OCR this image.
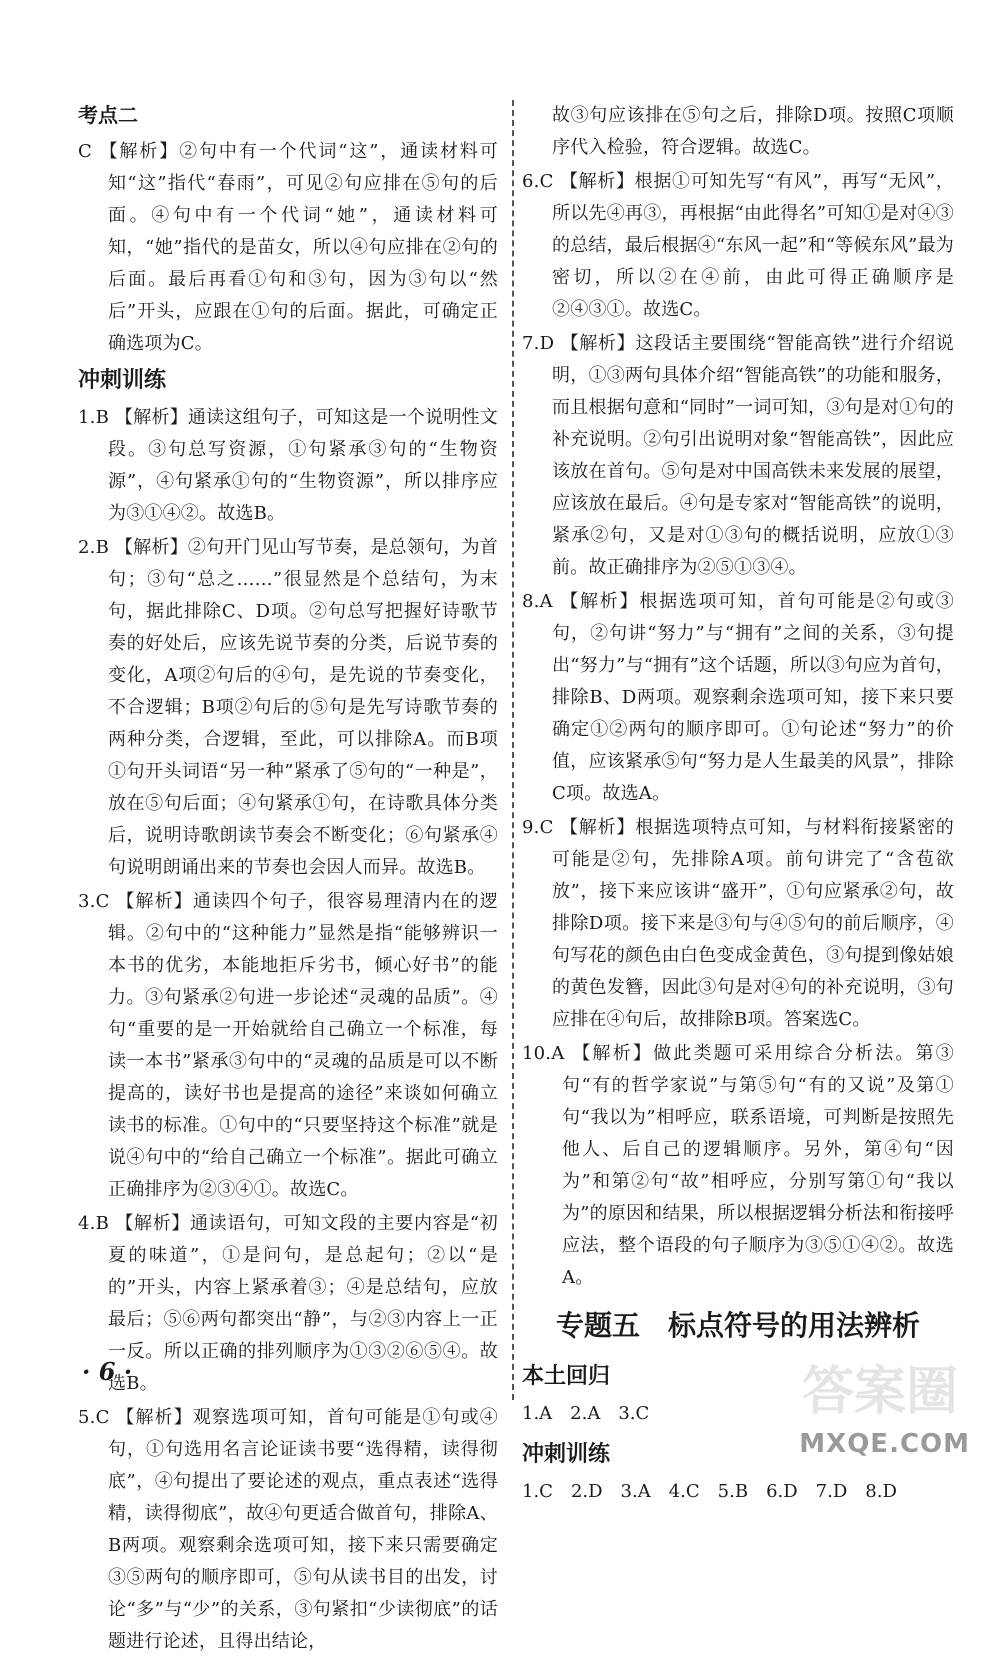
考点二

C 【解析】②句中有一个代词“这”，通读材料可知“这”指代“春雨”，可见②句应排在⑤句的后面。④句中有一个代词“她”，通读材料可知，“她”指代的是苗女，所以④句应排在②句的后面。最后再看①句和③句，因为③句以“然后”开头，应跟在①句的后面。据此，可确定正确选项为C。

冲刺训练

1.B 【解析】通读这组句子，可知这是一个说明性文段。③句总写资源，①句紧承③句的“生物资源”，④句紧承①句的“生物资源”，所以排序应为③①④②。故选B。

2.B 【解析】②句开门见山写节奏，是总领句，为首句；③句“总之……”很显然是个总结句，为末句，据此排除C、D项。②句总写把握好诗歌节奏的好处后，应该先说节奏的分类，后说节奏的变化，A项②句后的④句，是先说的节奏变化，不合逻辑；B项②句后的⑤句是先写诗歌节奏的两种分类，合逻辑，至此，可以排除A。而B项①句开头词语“另一种”紧承了⑤句的“一种是”，放在⑤句后面；④句紧承①句，在诗歌具体分类后，说明诗歌朗读节奏会不断变化；⑥句紧承④句说明朗诵出来的节奏也会因人而异。故选B。

3.C 【解析】通读四个句子，很容易理清内在的逻辑。②句中的“这种能力”显然是指“能够辨识一本书的优劣，本能地拒斥劣书，倾心好书”的能力。③句紧承②句进一步论述“灵魂的品质”。④句“重要的是一开始就给自己确立一个标准，每读一本书”紧承③句中的“灵魂的品质是可以不断提高的，读好书也是提高的途径”来谈如何确立读书的标准。①句中的“只要坚持这个标准”就是说④句中的“给自己确立一个标准”。据此可确立正确排序为②③④①。故选C。

4.B 【解析】通读语句，可知文段的主要内容是“初夏的味道”，①是问句，是总起句；②以“是的”开头，内容上紧承着③；④是总结句，应放最后；⑤⑥两句都突出“静”，与②③内容上一正一反。所以正确的排列顺序为①③②⑥⑤④。故选B。

5.C 【解析】观察选项可知，首句可能是①句或④句，①句选用名言论证读书要“选得精，读得彻底”，④句提出了要论述的观点，重点表述“选得精，读得彻底”，故④句更适合做首句，排除A、B两项。观察剩余选项可知，接下来只需要确定③⑤两句的顺序即可，⑤句从读书目的出发，讨论“多”与“少”的关系，③句紧扣“少读彻底”的话题进行论述，且得出结论，

故③句应该排在⑤句之后，排除D项。按照C项顺序代入检验，符合逻辑。故选C。

6.C 【解析】根据①可知先写“有风”，再写“无风”，所以先④再③，再根据“由此得名”可知①是对④③的总结，最后根据④“东风一起”和“等候东风”最为密切，所以②在④前，由此可得正确顺序是②④③①。故选C。

7.D 【解析】这段话主要围绕“智能高铁”进行介绍说明，①③两句具体介绍“智能高铁”的功能和服务，而且根据句意和“同时”一词可知，③句是对①句的补充说明。②句引出说明对象“智能高铁”，因此应该放在首句。⑤句是对中国高铁未来发展的展望，应该放在最后。④句是专家对“智能高铁”的说明，紧承②句，又是对①③句的概括说明，应放①③前。故正确排序为②⑤①③④。

8.A 【解析】根据选项可知，首句可能是②句或③句，②句讲“努力”与“拥有”之间的关系，③句提出“努力”与“拥有”这个话题，所以③句应为首句，排除B、D两项。观察剩余选项可知，接下来只要确定①②两句的顺序即可。①句论述“努力”的价值，应该紧承⑤句“努力是人生最美的风景”，排除C项。故选A。

9.C 【解析】根据选项特点可知，与材料衔接紧密的可能是②句，先排除A项。前句讲完了“含苞欲放”，接下来应该讲“盛开”，①句应紧承②句，故排除D项。接下来是③句与④⑤句的前后顺序，④句写花的颜色由白色变成金黄色，③句提到像姑娘的黄色发簪，因此③句是对④句的补充说明，③句应排在④句后，故排除B项。答案选C。

10.A 【解析】做此类题可采用综合分析法。第③句“有的哲学家说”与第⑤句“有的又说”及第①句“我以为”相呼应，联系语境，可判断是按照先他人、后自己的逻辑顺序。另外，第④句“因为”和第②句“故”相呼应，分别写第①句“我以为”的原因和结果，所以根据逻辑分析法和衔接呼应法，整个语段的句子顺序为③⑤①④②。故选A。

专题五　标点符号的用法辨析
本土回归
1.A　2.A　3.C
冲刺训练
1.C　2.D　3.A　4.C　5.B　6.D　7.D　8.D
· 6 ·	答案圈
MXQE.COM
